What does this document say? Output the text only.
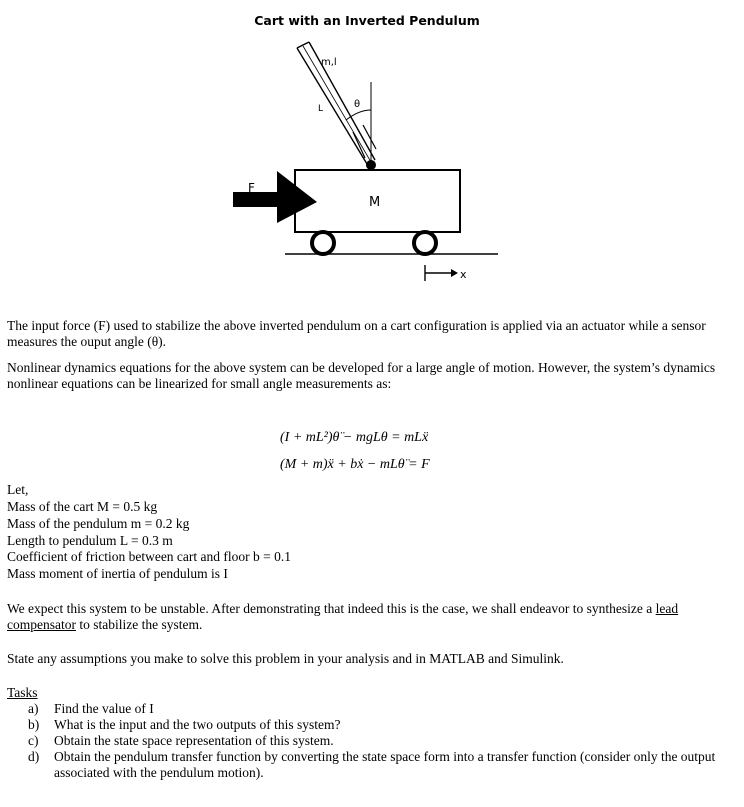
Cart with an Inverted Pendulum
m,l
L	θ
M
F
x
The input force (F) used to stabilize the above inverted pendulum on a cart configuration is applied via an actuator while a sensor measures the ouput angle (θ).
Nonlinear dynamics equations for the above system can be developed for a large angle of motion. However, the system’s dynamics nonlinear equations can be linearized for small angle measurements as:
(I + mL²)θ̈ − mgLθ = mLẍ
(M + m)ẍ + bẋ − mLθ̈ = F
Let,
Mass of the cart M = 0.5 kg
Mass of the pendulum m = 0.2 kg
Length to pendulum L = 0.3 m
Coefficient of friction between cart and floor b = 0.1
Mass moment of inertia of pendulum is I
We expect this system to be unstable. After demonstrating that indeed this is the case, we shall endeavor to synthesize a lead compensator to stabilize the system.
State any assumptions you make to solve this problem in your analysis and in MATLAB and Simulink.
Tasks
a)	Find the value of I
b)	What is the input and the two outputs of this system?
c)	Obtain the state space representation of this system.
d)	Obtain the pendulum transfer function by converting the state space form into a transfer function (consider only the output associated with the pendulum motion).
